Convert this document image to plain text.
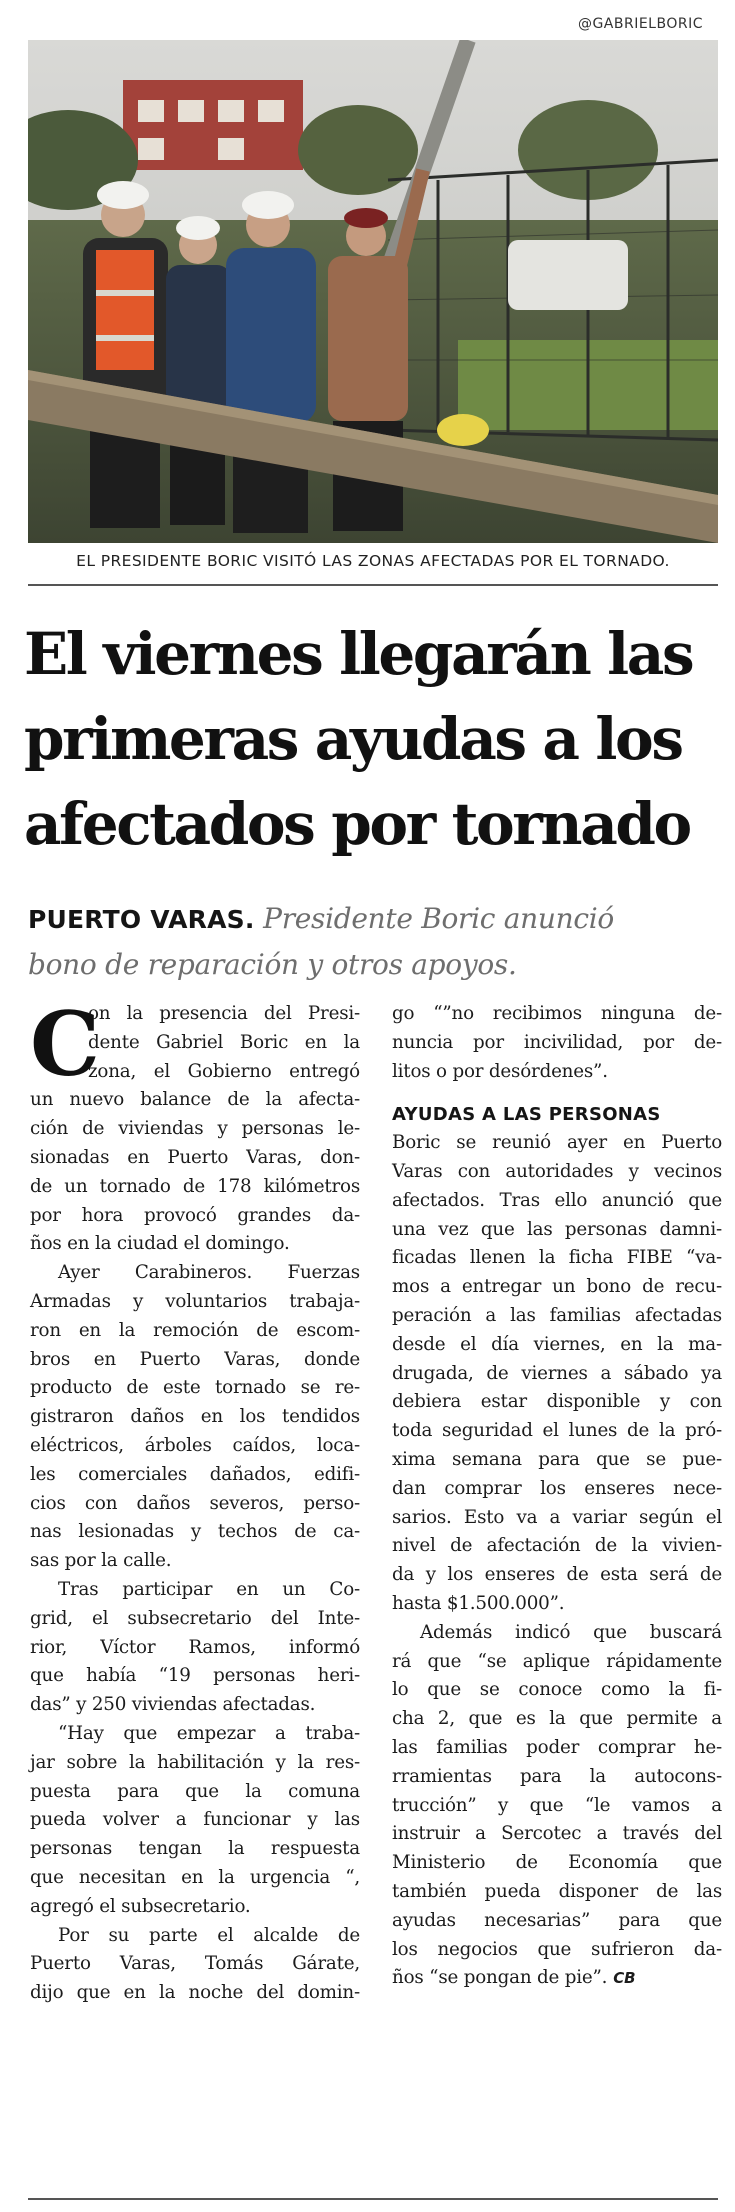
@GABRIELBORIC
EL PRESIDENTE BORIC VISITÓ LAS ZONAS AFECTADAS POR EL TORNADO.
El viernes llegarán las
primeras ayudas a los
afectados por tornado
PUERTO VARAS. Presidente Boric anunció
bono de reparación y otros apoyos.
C
on la presencia del Presi-
dente Gabriel Boric en la
zona, el Gobierno entregó
un nuevo balance de la afecta-
ción de viviendas y personas le-
sionadas en Puerto Varas, don-
de un tornado de 178 kilómetros
por hora provocó grandes da-
ños en la ciudad el domingo.
Ayer Carabineros. Fuerzas
Armadas y voluntarios trabaja-
ron en la remoción de escom-
bros en Puerto Varas, donde
producto de este tornado se re-
gistraron daños en los tendidos
eléctricos, árboles caídos, loca-
les comerciales dañados, edifi-
cios con daños severos, perso-
nas lesionadas y techos de ca-
sas por la calle.
Tras participar en un Co-
grid, el subsecretario del Inte-
rior, Víctor Ramos, informó
que había “19 personas heri-
das” y 250 viviendas afectadas.
“Hay que empezar a traba-
jar sobre la habilitación y la res-
puesta para que la comuna
pueda volver a funcionar y las
personas tengan la respuesta
que necesitan en la urgencia “,
agregó el subsecretario.
Por su parte el alcalde de
Puerto Varas, Tomás Gárate,
dijo que en la noche del domin-
go “”no recibimos ninguna de-
nuncia por incivilidad, por de-
litos o por desórdenes”.
AYUDAS A LAS PERSONAS
Boric se reunió ayer en Puerto
Varas con autoridades y vecinos
afectados. Tras ello anunció que
una vez que las personas damni-
ficadas llenen la ficha FIBE “va-
mos a entregar un bono de recu-
peración a las familias afectadas
desde el día viernes, en la ma-
drugada, de viernes a sábado ya
debiera estar disponible y con
toda seguridad el lunes de la pró-
xima semana para que se pue-
dan comprar los enseres nece-
sarios. Esto va a variar según el
nivel de afectación de la vivien-
da y los enseres de esta será de
hasta $1.500.000”.
Además indicó que buscará
rá que “se aplique rápidamente
lo que se conoce como la fi-
cha 2, que es la que permite a
las familias poder comprar he-
rramientas para la autocons-
trucción” y que “le vamos a
instruir a Sercotec a través del
Ministerio de Economía que
también pueda disponer de las
ayudas necesarias” para que
los negocios que sufrieron da-
ños “se pongan de pie”. CB
